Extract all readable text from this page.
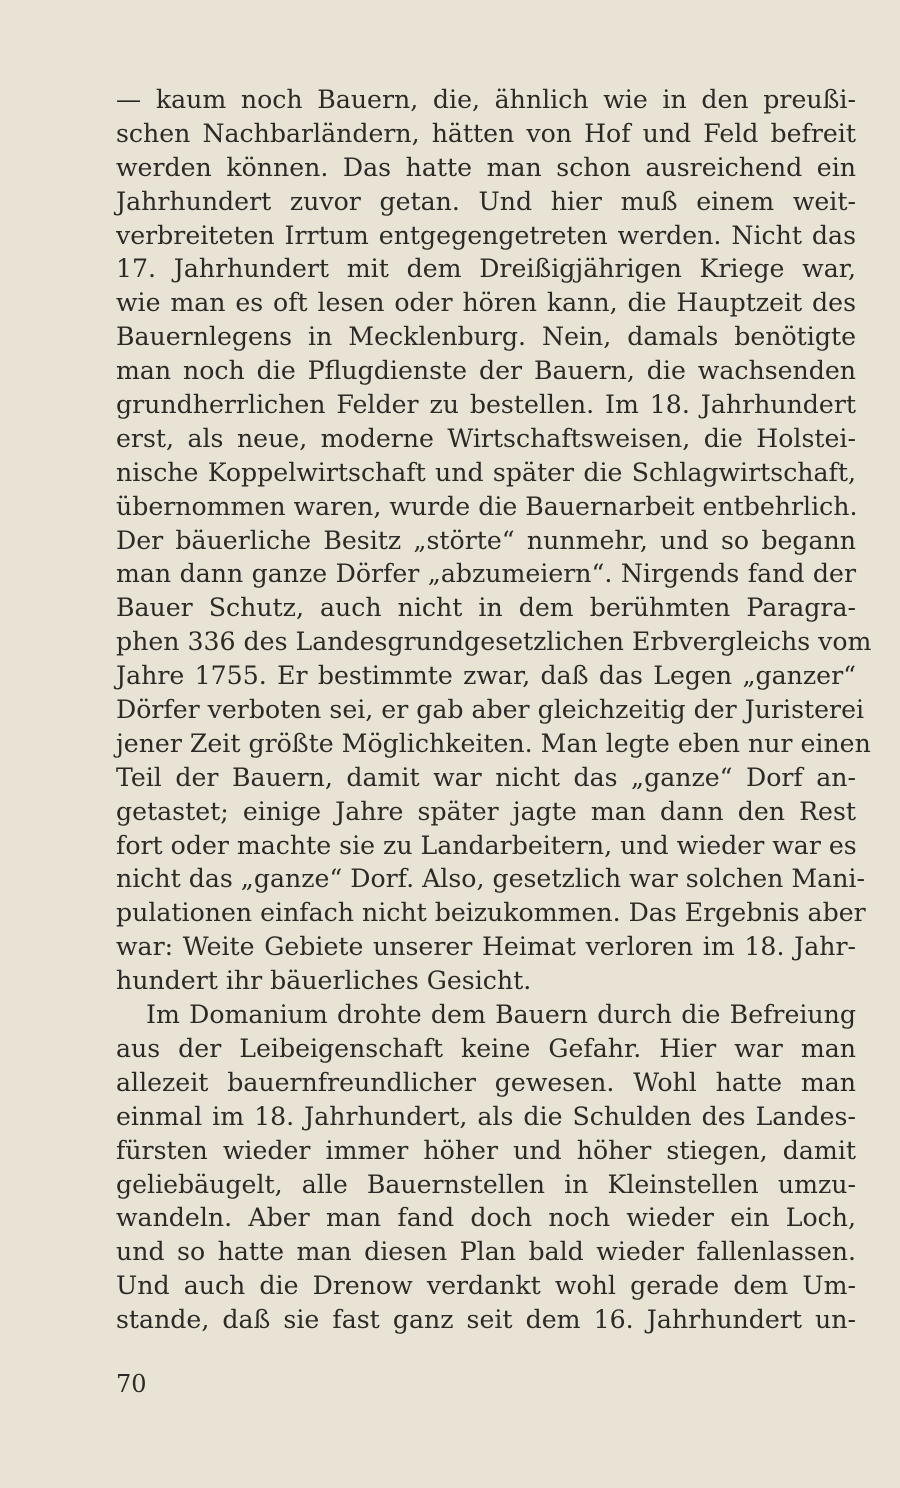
— kaum noch Bauern, die, ähnlich wie in den preußi-
schen Nachbarländern, hätten von Hof und Feld befreit
werden können. Das hatte man schon ausreichend ein
Jahrhundert zuvor getan. Und hier muß einem weit-
verbreiteten Irrtum entgegengetreten werden. Nicht das
17. Jahrhundert mit dem Dreißigjährigen Kriege war,
wie man es oft lesen oder hören kann, die Hauptzeit des
Bauernlegens in Mecklenburg. Nein, damals benötigte
man noch die Pflugdienste der Bauern, die wachsenden
grundherrlichen Felder zu bestellen. Im 18. Jahrhundert
erst, als neue, moderne Wirtschaftsweisen, die Holstei-
nische Koppelwirtschaft und später die Schlagwirtschaft,
übernommen waren, wurde die Bauernarbeit entbehrlich.
Der bäuerliche Besitz „störte“ nunmehr, und so begann
man dann ganze Dörfer „abzumeiern“. Nirgends fand der
Bauer Schutz, auch nicht in dem berühmten Paragra-
phen 336 des Landesgrundgesetzlichen Erbvergleichs vom
Jahre 1755. Er bestimmte zwar, daß das Legen „ganzer“
Dörfer verboten sei, er gab aber gleichzeitig der Juristerei
jener Zeit größte Möglichkeiten. Man legte eben nur einen
Teil der Bauern, damit war nicht das „ganze“ Dorf an-
getastet; einige Jahre später jagte man dann den Rest
fort oder machte sie zu Landarbeitern, und wieder war es
nicht das „ganze“ Dorf. Also, gesetzlich war solchen Mani-
pulationen einfach nicht beizukommen. Das Ergebnis aber
war: Weite Gebiete unserer Heimat verloren im 18. Jahr-
hundert ihr bäuerliches Gesicht.
Im Domanium drohte dem Bauern durch die Befreiung
aus der Leibeigenschaft keine Gefahr. Hier war man
allezeit bauernfreundlicher gewesen. Wohl hatte man
einmal im 18. Jahrhundert, als die Schulden des Landes-
fürsten wieder immer höher und höher stiegen, damit
geliebäugelt, alle Bauernstellen in Kleinstellen umzu-
wandeln. Aber man fand doch noch wieder ein Loch,
und so hatte man diesen Plan bald wieder fallenlassen.
Und auch die Drenow verdankt wohl gerade dem Um-
stande, daß sie fast ganz seit dem 16. Jahrhundert un-
70
